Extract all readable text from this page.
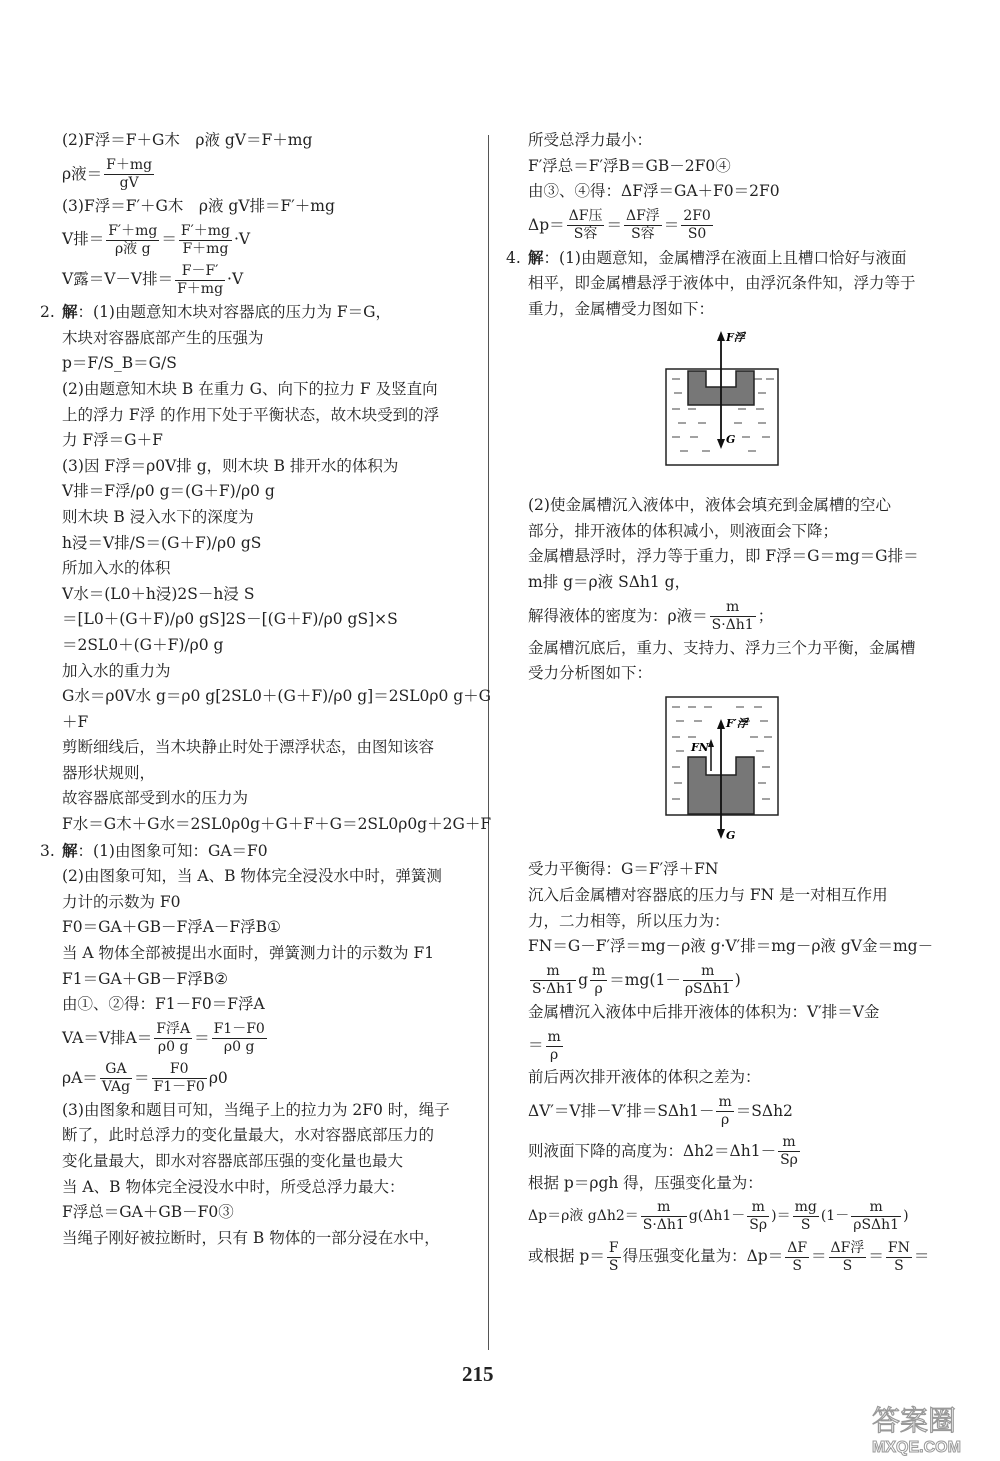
(2)F浮＝F＋G木　ρ液 gV＝F＋mg
ρ液＝ $\frac{F+mg}{gV}$
(3)F浮＝F′＋G木　ρ液 gV排＝F′＋mg
V排＝ $\frac{F'+mg}{\text{ρ液 g}} = \frac{F'+mg}{F+mg} \cdot V$
V露＝V－V排＝ $\frac{F-F'}{F+mg} \cdot V$
2. 解：(1)由题意知木块对容器底的压力为 F＝G，
木块对容器底部产生的压强为
p＝F/S_B＝G/S
(2)由题意知木块 B 在重力 G、向下的拉力 F 及竖直向
上的浮力 F浮 的作用下处于平衡状态，故木块受到的浮
力 F浮＝G＋F
(3)因 F浮＝ρ0V排 g，则木块 B 排开水的体积为
V排＝F浮/ρ0 g＝(G＋F)/ρ0 g
则木块 B 浸入水下的深度为
h浸＝V排/S＝(G＋F)/ρ0 gS
所加入水的体积
V水＝(L0＋h浸)2S－h浸 S
＝[L0＋(G＋F)/ρ0 gS]2S－[(G＋F)/ρ0 gS]×S
＝2SL0＋(G＋F)/ρ0 g
加入水的重力为
G水＝ρ0V水 g＝ρ0 g[2SL0＋(G＋F)/ρ0 g]＝2SL0ρ0 g＋G
＋F
剪断细线后，当木块静止时处于漂浮状态，由图知该容
器形状规则，
故容器底部受到水的压力为
F水＝G木＋G水＝2SL0ρ0g＋G＋F＋G＝2SL0ρ0g＋2G＋F
3. 解：(1)由图象可知：GA＝F0
(2)由图象可知，当 A、B 物体完全浸没水中时，弹簧测
力计的示数为 F0
F0＝GA＋GB－F浮A－F浮B①
当 A 物体全部被提出水面时，弹簧测力计的示数为 F1
F1＝GA＋GB－F浮B②
由①、②得：F1－F0＝F浮A
VA＝V排$A= \frac{\text{F浮A}}{\rho 0 g} = \frac{F1-F0}{\rho 0 g}$
$\rho A= \frac{GA}{\text{VAg}} = \frac{F0}{F1-F0} \rho 0$
(3)由图象和题目可知，当绳子上的拉力为 2F0 时，绳子
断了，此时总浮力的变化量最大，水对容器底部压力的
变化量最大，即水对容器底部压强的变化量也最大
当 A、B 物体完全浸没水中时，所受总浮力最大：
F浮总＝GA＋GB－F0③
当绳子刚好被拉断时，只有 B 物体的一部分浸在水中，
所受总浮力最小：
F′浮总＝F′浮B＝GB－2F0④
由③、④得：ΔF浮＝GA＋F0＝2F0
$\Delta p= \frac{\text{ΔF压}}{\text{S容}} = \frac{\text{ΔF浮}}{\text{S容}} = \frac{2F0}{S0}$
4. 解：(1)由题意知，金属槽浮在液面上且槽口恰好与液面
相平，即金属槽悬浮于液体中，由浮沉条件知，浮力等于
重力，金属槽受力图如下：
F浮
G
(2)使金属槽沉入液体中，液体会填充到金属槽的空心
部分，排开液体的体积减小，则液面会下降；
金属槽悬浮时，浮力等于重力，即 F浮＝G＝mg＝G排＝
m排 g＝ρ液 SΔh1 g，
解得液体的密度为：ρ液＝ $\frac{m}{S\cdot\Delta h1}$ ；
金属槽沉底后，重力、支持力、浮力三个力平衡，金属槽
受力分析图如下：
F′浮
FN
G
受力平衡得：G＝F′浮＋FN
沉入后金属槽对容器底的压力与 FN 是一对相互作用
力，二力相等，所以压力为：
FN＝G－F′浮＝mg－ρ液 g·V′排＝mg－ρ液 gV金＝mg－
$\frac{m}{S\cdot\Delta h1}$ g $\frac{m}{\rho} =mg(1- \frac{m}{\text{ρSΔh1}}$ )
金属槽沉入液体中后排开液体的体积为：V′排＝V金
＝ $\frac{m}{\rho}$
前后两次排开液体的体积之差为：
ΔV′＝V排－V′排$=S\Delta h1- \frac{m}{\rho} =S\Delta h2$
则液面下降的高度为：$\Delta h2=\Delta h1- \frac{m}{S\rho}$
根据 p＝ρgh 得，压强变化量为：
Δp＝ρ液 $g\Delta h2= \frac{m}{S\cdot\Delta h1} g(\Delta h1- \frac{m}{S\rho}$ )＝ $\frac{mg}{S} (1- \frac{m}{\text{ρSΔh1}}$ )
或根据 $p= \frac{F}{S}$ 得压强变化量为：$\Delta p= \frac{\Delta F}{S} = \frac{\text{ΔF浮}}{S} = \frac{FN}{S}$ ＝
215
答案圈
MXQE.COM
